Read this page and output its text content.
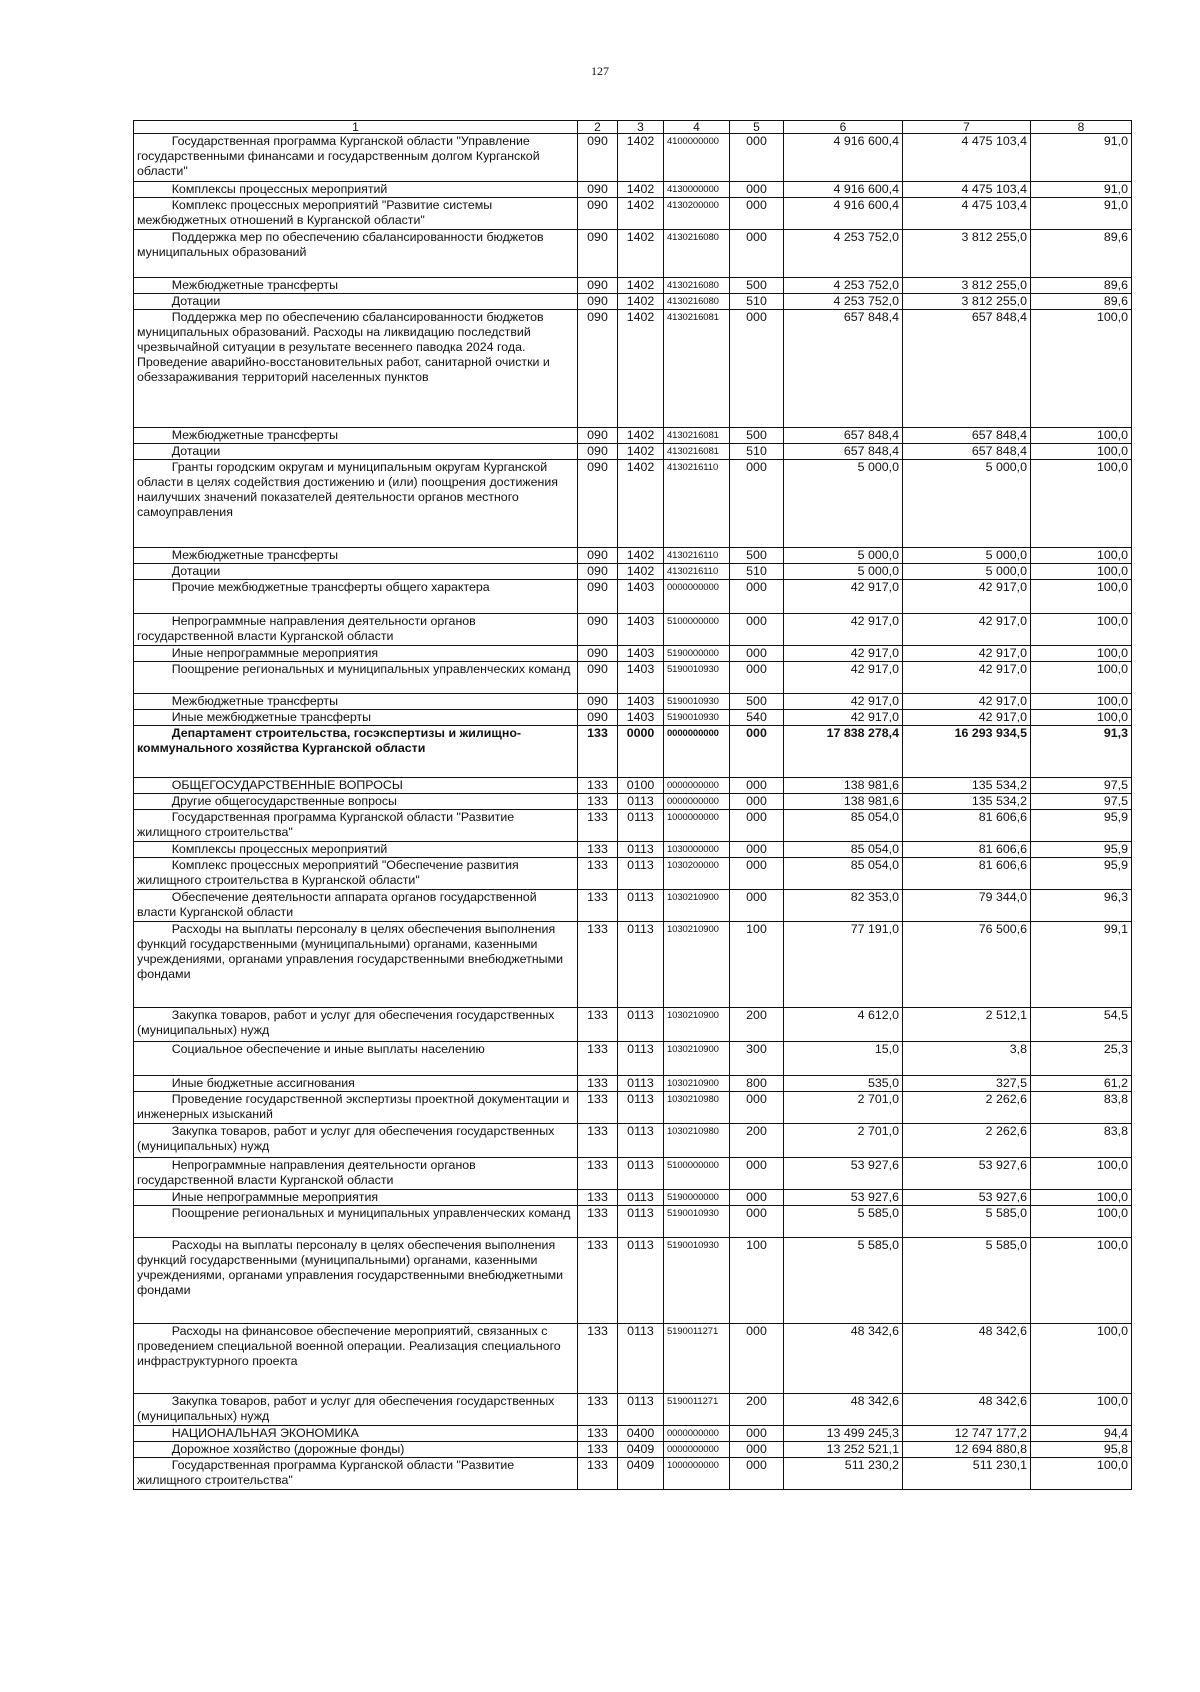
127
1	2	3	4	5	6	7	8
Государственная программа Курганской области "Управление государственными финансами и государственным долгом Курганской области"	090	1402	4100000000	000	4 916 600,4	4 475 103,4	91,0
Комплексы процессных мероприятий	090	1402	4130000000	000	4 916 600,4	4 475 103,4	91,0
Комплекс процессных мероприятий "Развитие системы межбюджетных отношений в Курганской области"	090	1402	4130200000	000	4 916 600,4	4 475 103,4	91,0
Поддержка мер по обеспечению сбалансированности бюджетов муниципальных образований	090	1402	4130216080	000	4 253 752,0	3 812 255,0	89,6
Межбюджетные трансферты	090	1402	4130216080	500	4 253 752,0	3 812 255,0	89,6
Дотации	090	1402	4130216080	510	4 253 752,0	3 812 255,0	89,6
Поддержка мер по обеспечению сбалансированности бюджетов муниципальных образований. Расходы на ликвидацию последствий чрезвычайной ситуации в результате весеннего паводка 2024 года. Проведение аварийно-восстановительных работ, санитарной очистки и обеззараживания территорий населенных пунктов	090	1402	4130216081	000	657 848,4	657 848,4	100,0
Межбюджетные трансферты	090	1402	4130216081	500	657 848,4	657 848,4	100,0
Дотации	090	1402	4130216081	510	657 848,4	657 848,4	100,0
Гранты городским округам и муниципальным округам Курганской области в целях содействия достижению и (или) поощрения достижения наилучших значений показателей деятельности органов местного самоуправления	090	1402	4130216110	000	5 000,0	5 000,0	100,0
Межбюджетные трансферты	090	1402	4130216110	500	5 000,0	5 000,0	100,0
Дотации	090	1402	4130216110	510	5 000,0	5 000,0	100,0
Прочие межбюджетные трансферты общего характера	090	1403	0000000000	000	42 917,0	42 917,0	100,0
Непрограммные направления деятельности органов государственной власти Курганской области	090	1403	5100000000	000	42 917,0	42 917,0	100,0
Иные непрограммные мероприятия	090	1403	5190000000	000	42 917,0	42 917,0	100,0
Поощрение региональных и муниципальных управленческих команд	090	1403	5190010930	000	42 917,0	42 917,0	100,0
Межбюджетные трансферты	090	1403	5190010930	500	42 917,0	42 917,0	100,0
Иные межбюджетные трансферты	090	1403	5190010930	540	42 917,0	42 917,0	100,0
Департамент строительства, госэкспертизы и жилищно-коммунального хозяйства Курганской области	133	0000	0000000000	000	17 838 278,4	16 293 934,5	91,3
ОБЩЕГОСУДАРСТВЕННЫЕ ВОПРОСЫ	133	0100	0000000000	000	138 981,6	135 534,2	97,5
Другие общегосударственные вопросы	133	0113	0000000000	000	138 981,6	135 534,2	97,5
Государственная программа Курганской области "Развитие жилищного строительства"	133	0113	1000000000	000	85 054,0	81 606,6	95,9
Комплексы процессных мероприятий	133	0113	1030000000	000	85 054,0	81 606,6	95,9
Комплекс процессных мероприятий "Обеспечение развития жилищного строительства в Курганской области"	133	0113	1030200000	000	85 054,0	81 606,6	95,9
Обеспечение деятельности аппарата органов государственной власти Курганской области	133	0113	1030210900	000	82 353,0	79 344,0	96,3
Расходы на выплаты персоналу в целях обеспечения выполнения функций государственными (муниципальными) органами, казенными учреждениями, органами управления государственными внебюджетными фондами	133	0113	1030210900	100	77 191,0	76 500,6	99,1
Закупка товаров, работ и услуг для обеспечения государственных (муниципальных) нужд	133	0113	1030210900	200	4 612,0	2 512,1	54,5
Социальное обеспечение и иные выплаты населению	133	0113	1030210900	300	15,0	3,8	25,3
Иные бюджетные ассигнования	133	0113	1030210900	800	535,0	327,5	61,2
Проведение государственной экспертизы проектной документации и инженерных изысканий	133	0113	1030210980	000	2 701,0	2 262,6	83,8
Закупка товаров, работ и услуг для обеспечения государственных (муниципальных) нужд	133	0113	1030210980	200	2 701,0	2 262,6	83,8
Непрограммные направления деятельности органов государственной власти Курганской области	133	0113	5100000000	000	53 927,6	53 927,6	100,0
Иные непрограммные мероприятия	133	0113	5190000000	000	53 927,6	53 927,6	100,0
Поощрение региональных и муниципальных управленческих команд	133	0113	5190010930	000	5 585,0	5 585,0	100,0
Расходы на выплаты персоналу в целях обеспечения выполнения функций государственными (муниципальными) органами, казенными учреждениями, органами управления государственными внебюджетными фондами	133	0113	5190010930	100	5 585,0	5 585,0	100,0
Расходы на финансовое обеспечение мероприятий, связанных с проведением специальной военной операции. Реализация специального инфраструктурного проекта	133	0113	5190011271	000	48 342,6	48 342,6	100,0
Закупка товаров, работ и услуг для обеспечения государственных (муниципальных) нужд	133	0113	5190011271	200	48 342,6	48 342,6	100,0
НАЦИОНАЛЬНАЯ ЭКОНОМИКА	133	0400	0000000000	000	13 499 245,3	12 747 177,2	94,4
Дорожное хозяйство (дорожные фонды)	133	0409	0000000000	000	13 252 521,1	12 694 880,8	95,8
Государственная программа Курганской области "Развитие жилищного строительства"	133	0409	1000000000	000	511 230,2	511 230,1	100,0
